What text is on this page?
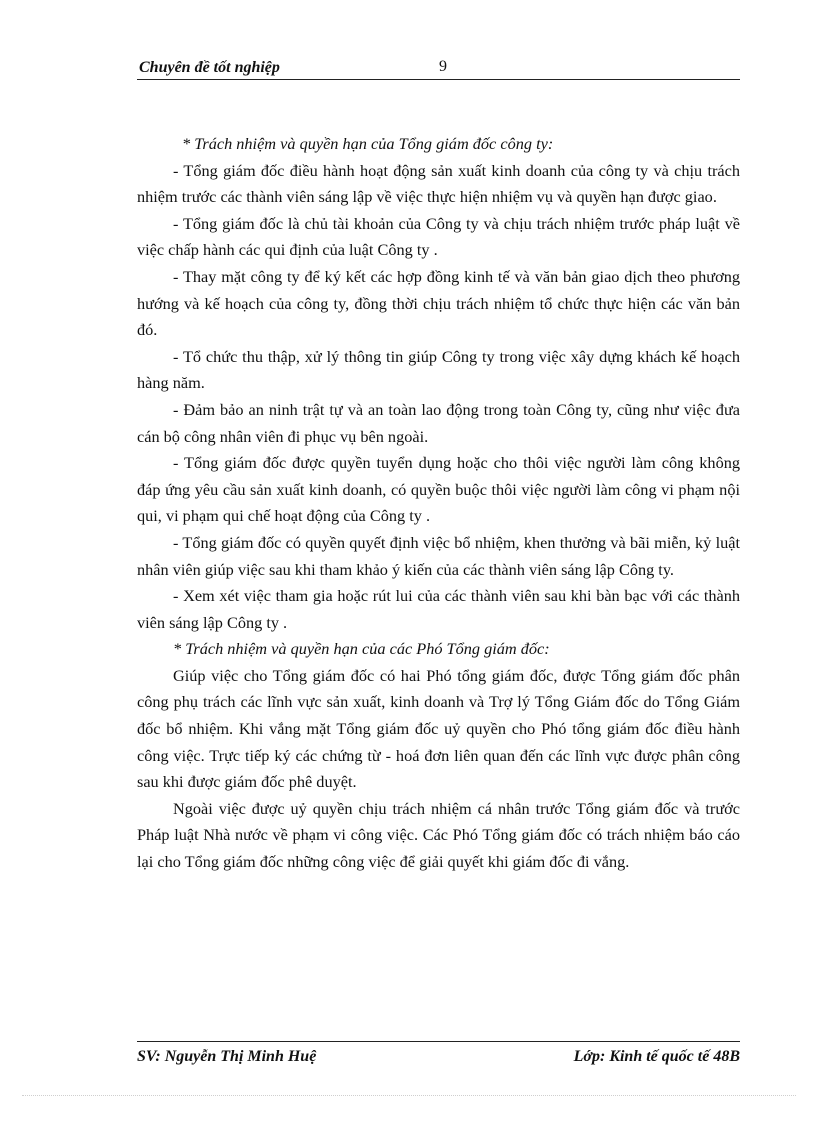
Chuyên đề tốt nghiệp	9

* Trách nhiệm và quyền hạn của Tổng giám đốc công ty:

- Tổng giám đốc điều hành hoạt động sản xuất kinh doanh của công ty và chịu trách nhiệm trước các thành viên sáng lập về việc thực hiện nhiệm vụ và quyền hạn được giao.

- Tổng giám đốc là chủ tài khoản của Công ty và chịu trách nhiệm trước pháp luật về việc chấp hành các qui định của luật Công ty .

- Thay mặt công ty để ký kết các hợp đồng kinh tế và văn bản giao dịch theo phương hướng và kế hoạch của công ty, đồng thời chịu trách nhiệm tổ chức thực hiện các văn bản đó.

- Tổ chức thu thập, xử lý thông tin giúp Công ty trong việc xây dựng khách kế hoạch hàng năm.

- Đảm bảo an ninh trật tự và an toàn lao động trong toàn Công ty, cũng như việc đưa cán bộ công nhân viên đi phục vụ bên ngoài.

- Tổng giám đốc được quyền tuyển dụng hoặc cho thôi việc người làm công không đáp ứng yêu cầu sản xuất kinh doanh, có quyền buộc thôi việc người làm công vi phạm nội qui, vi phạm qui chế hoạt động của Công ty .

- Tổng giám đốc có quyền quyết định việc bổ nhiệm, khen thưởng và bãi miễn, kỷ luật nhân viên giúp việc sau khi tham khảo ý kiến của các thành viên sáng lập Công ty.

- Xem xét việc tham gia hoặc rút lui của các thành viên sau khi bàn bạc với các thành viên sáng lập Công ty .

* Trách nhiệm và quyền hạn của các Phó Tổng giám đốc:

Giúp việc cho Tổng giám đốc có hai Phó tổng giám đốc, được Tổng giám đốc phân công phụ trách các lĩnh vực sản xuất, kinh doanh và Trợ lý Tổng Giám đốc do Tổng Giám đốc bổ nhiệm. Khi vắng mặt Tổng giám đốc uỷ quyền cho Phó tổng giám đốc điều hành công việc. Trực tiếp ký các chứng từ - hoá đơn liên quan đến các lĩnh vực được phân công sau khi được giám đốc phê duyệt.

Ngoài việc được uỷ quyền chịu trách nhiệm cá nhân trước Tổng giám đốc và trước Pháp luật Nhà nước về phạm vi công việc. Các Phó Tổng giám đốc có trách nhiệm báo cáo lại cho Tổng giám đốc những công việc để giải quyết khi giám đốc đi vắng.

SV: Nguyễn Thị Minh Huệ	Lớp: Kinh tế quốc tế 48B
